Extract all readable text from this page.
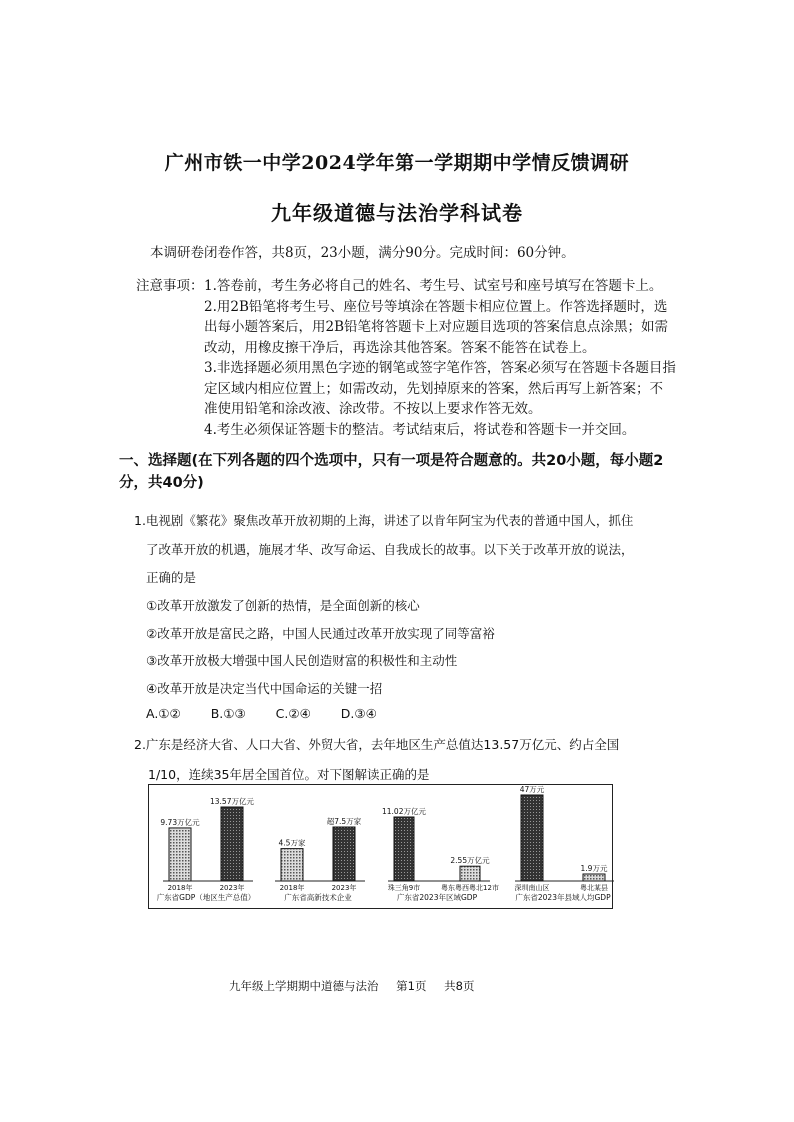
广州市铁一中学2024学年第一学期期中学情反馈调研
九年级道德与法治学科试卷
本调研卷闭卷作答，共8页，23小题，满分90分。完成时间：60分钟。
注意事项： 1.答卷前，考生务必将自己的姓名、考生号、试室号和座号填写在答题卡上。
2.用2B铅笔将考生号、座位号等填涂在答题卡相应位置上。作答选择题时，选出每小题答案后，用2B铅笔将答题卡上对应题目选项的答案信息点涂黑；如需改动，用橡皮擦干净后，再选涂其他答案。答案不能答在试卷上。
3.非选择题必须用黑色字迹的钢笔或签字笔作答，答案必须写在答题卡各题目指定区域内相应位置上；如需改动，先划掉原来的答案，然后再写上新答案；不准使用铅笔和涂改液、涂改带。不按以上要求作答无效。
4.考生必须保证答题卡的整洁。考试结束后，将试卷和答题卡一并交回。
一、选择题(在下列各题的四个选项中，只有一项是符合题意的。共20小题，每小题2分，共40分)
1.电视剧《繁花》聚焦改革开放初期的上海，讲述了以肯年阿宝为代表的普通中国人，抓住
了改革开放的机遇，施展才华、改写命运、自我成长的故事。以下关于改革开放的说法，
正确的是
①改革开放激发了创新的热情，是全面创新的核心
②改革开放是富民之路，中国人民通过改革开放实现了同等富裕
③改革开放极大增强中国人民创造财富的积极性和主动性
④改革开放是决定当代中国命运的关键一招
A.①② B.①③ C.②④ D.③④
2.广东是经济大省、人口大省、外贸大省，去年地区生产总值达13.57万亿元、约占全国
1/10，连续35年居全国首位。对下图解读正确的是
9.73万亿元
2018年
13.57万亿元
2023年
广东省GDP（地区生产总值）
4.5万家
2018年
超7.5万家
2023年
广东省高新技术企业
11.02万亿元
珠三角9市
2.55万亿元
粤东粤西粤北12市
广东省2023年区域GDP
47万元
深圳南山区
1.9万元
粤北某县
广东省2023年县域人均GDP
九年级上学期期中道德与法治 第1页 共8页
